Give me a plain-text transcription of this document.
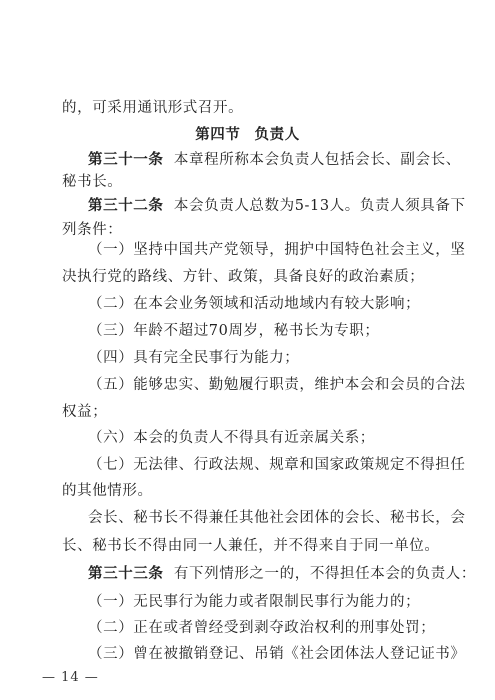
的，可采用通讯形式召开。
第四节 负责人
第三十一条 本章程所称本会负责人包括会长、副会长、
秘书长。
第三十二条 本会负责人总数为5-13人。负责人须具备下
列条件：
（一）坚持中国共产党领导，拥护中国特色社会主义，坚
决执行党的路线、方针、政策，具备良好的政治素质；
（二）在本会业务领域和活动地域内有较大影响；
（三）年龄不超过70周岁，秘书长为专职；
（四）具有完全民事行为能力；
（五）能够忠实、勤勉履行职责，维护本会和会员的合法
权益；
（六）本会的负责人不得具有近亲属关系；
（七）无法律、行政法规、规章和国家政策规定不得担任
的其他情形。
会长、秘书长不得兼任其他社会团体的会长、秘书长，会
长、秘书长不得由同一人兼任，并不得来自于同一单位。
第三十三条 有下列情形之一的，不得担任本会的负责人：
（一）无民事行为能力或者限制民事行为能力的；
（二）正在或者曾经受到剥夺政治权利的刑事处罚；
（三）曾在被撤销登记、吊销《社会团体法人登记证书》
— 14 —
